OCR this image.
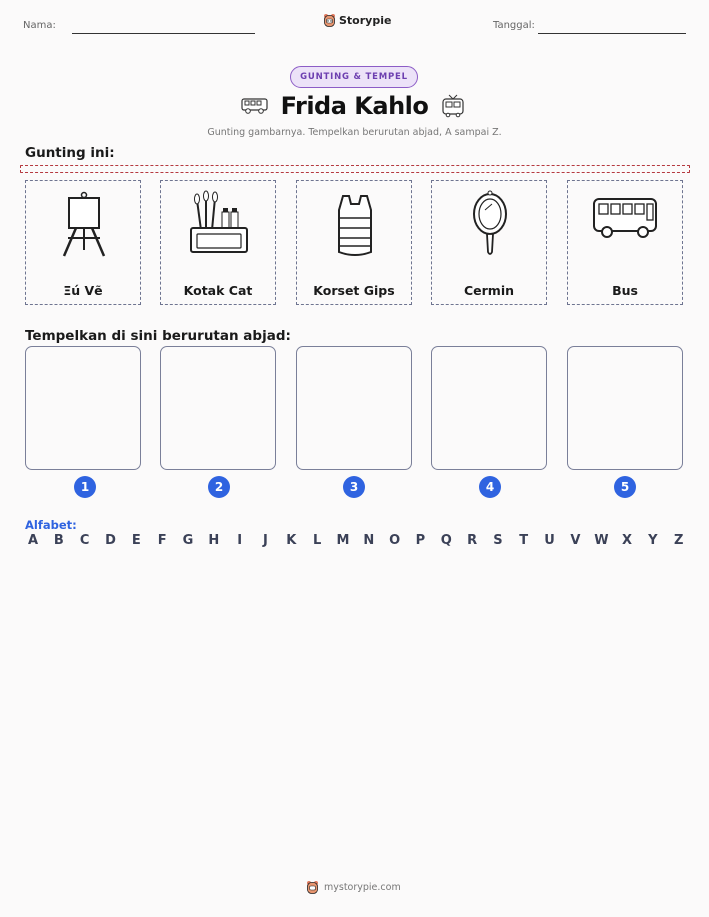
Nama:	Storypie	Tanggal:
GUNTING & TEMPEL
Frida Kahlo
Gunting gambarnya. Tempelkan berurutan abjad, A sampai Z.
Gunting ini:
Ξú Vẽ	Kotak Cat	Korset Gips	Cermin	Bus
Tempelkan di sini berurutan abjad:
1	2	3	4	5
Alfabet:
A B C D E F G H	I	J	K L M N O P Q R S T U V W X Y Z
mystorypie.com
